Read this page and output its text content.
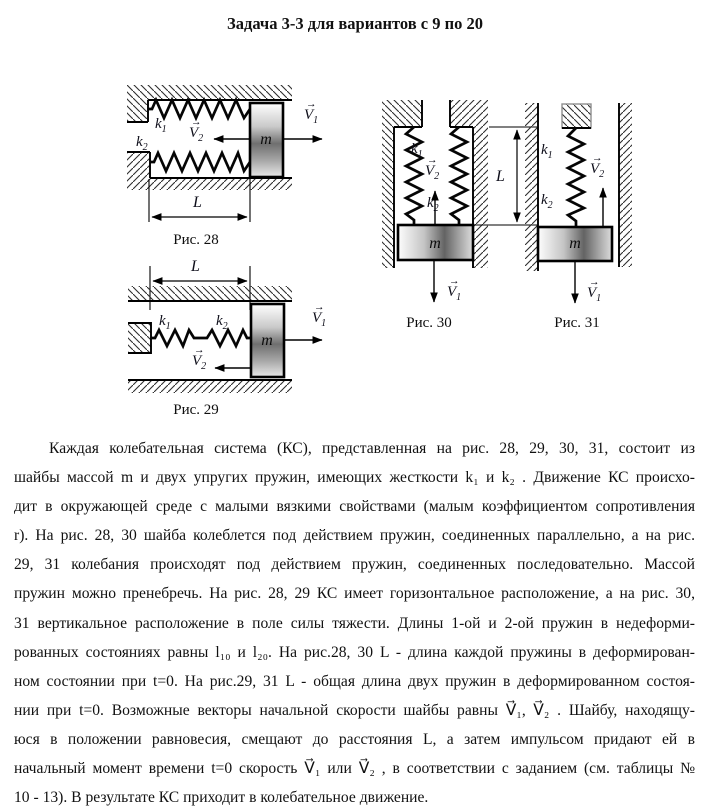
Задача 3-3 для вариантов с 9 по 20
$k_1$
$k_2$
→
$V_1$
→
$V_2$	m
L
Рис. 28
L
$k_1$	$k_2$
→
$V_1$
→
$V_2$
m
Рис. 29
$k_1$
$k_2$
→
$V_2$
→
$V_1$
m
L
Рис. 30
$k_1$
$k_2$
→
$V_2$
→
$V_1$
m
Рис. 31
Каждая колебательная система (КС), представленная на рис. 28, 29, 30, 31, состоит из
шайбы массой m и двух упругих пружин, имеющих жесткости k₁ и k₂ . Движение КС происхо-
дит в окружающей среде с малыми вязкими свойствами (малым коэффициентом сопротивления
r). На рис. 28, 30 шайба колеблется под действием пружин, соединенных параллельно, а на рис.
29, 31 колебания происходят под действием пружин, соединенных последовательно. Массой
пружин можно пренебречь. На рис. 28, 29 КС имеет горизонтальное расположение, а на рис. 30,
31 вертикальное расположение в поле силы тяжести. Длины 1-ой и 2-ой пружин в недеформи-
рованных состояниях равны l₁₀ и l₂₀. На рис.28, 30 L - длина каждой пружины в деформирован-
ном состоянии при t=0. На рис.29, 31 L - общая длина двух пружин в деформированном состоя-
нии при t=0. Возможные векторы начальной скорости шайбы равны V⃗₁, V⃗₂ . Шайбу, находящу-
юся в положении равновесия, смещают до расстояния L, а затем импульсом придают ей в
начальный момент времени t=0 скорость V⃗₁ или V⃗₂ , в соответствии с заданием (см. таблицы №
10 - 13). В результате КС приходит в колебательное движение.
